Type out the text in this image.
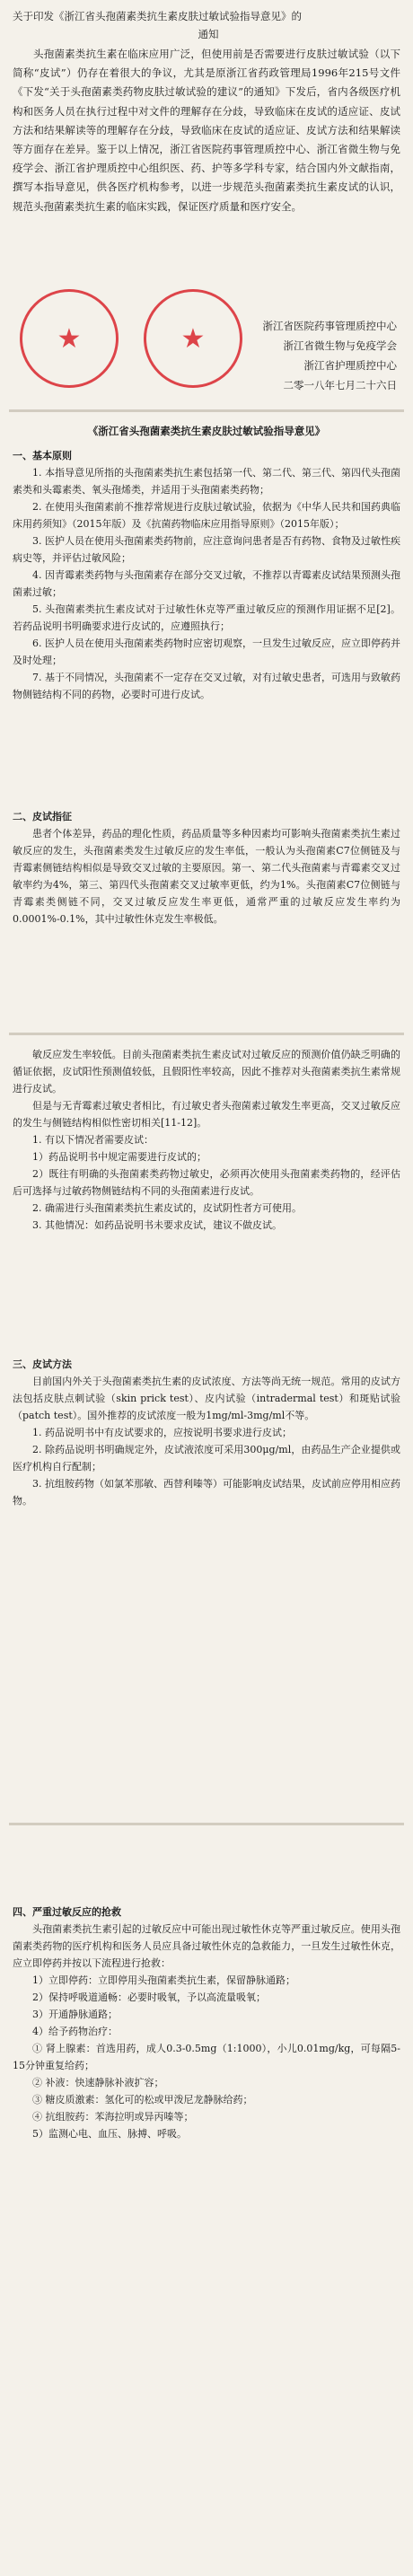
关于印发《浙江省头孢菌素类抗生素皮肤过敏试验指导意见》的
通知

头孢菌素类抗生素在临床应用广泛，但使用前是否需要进行皮肤过敏试验（以下简称“皮试”）仍存在着很大的争议，尤其是原浙江省药政管理局1996年215号文件《下发“关于头孢菌素类药物皮肤过敏试验的建议”的通知》下发后，省内各级医疗机构和医务人员在执行过程中对文件的理解存在分歧，导致临床在皮试的适应证、皮试方法和结果解读等的理解存在分歧，导致临床在皮试的适应证、皮试方法和结果解读等方面存在差异。鉴于以上情况，浙江省医院药事管理质控中心、浙江省微生物与免疫学会、浙江省护理质控中心组织医、药、护等多学科专家，结合国内外文献指南，撰写本指导意见，供各医疗机构参考，以进一步规范头孢菌素类抗生素皮试的认识，规范头孢菌素类抗生素的临床实践，保证医疗质量和医疗安全。

★	★	浙江省医院药事管理质控中心
浙江省微生物与免疫学会
浙江省护理质控中心
二零一八年七月二十六日
《浙江省头孢菌素类抗生素皮肤过敏试验指导意见》

一、基本原则

1. 本指导意见所指的头孢菌素类抗生素包括第一代、第二代、第三代、第四代头孢菌素类和头霉素类、氧头孢烯类，并适用于头孢菌素类药物；

2. 在使用头孢菌素前不推荐常规进行皮肤过敏试验，依据为《中华人民共和国药典临床用药须知》（2015年版）及《抗菌药物临床应用指导原则》（2015年版）；

3. 医护人员在使用头孢菌素类药物前，应注意询问患者是否有药物、食物及过敏性疾病史等，并评估过敏风险；

4. 因青霉素类药物与头孢菌素存在部分交叉过敏，不推荐以青霉素皮试结果预测头孢菌素过敏；

5. 头孢菌素类抗生素皮试对于过敏性休克等严重过敏反应的预测作用证据不足[2]。若药品说明书明确要求进行皮试的，应遵照执行；

6. 医护人员在使用头孢菌素类药物时应密切观察，一旦发生过敏反应，应立即停药并及时处理；

7. 基于不同情况，头孢菌素不一定存在交叉过敏，对有过敏史患者，可选用与致敏药物侧链结构不同的药物，必要时可进行皮试。

二、皮试指征

患者个体差异，药品的理化性质，药品质量等多种因素均可影响头孢菌素类抗生素过敏反应的发生，头孢菌素类发生过敏反应的发生率低，一般认为头孢菌素C7位侧链及与青霉素侧链结构相似是导致交叉过敏的主要原因。第一、第二代头孢菌素与青霉素交叉过敏率约为4%，第三、第四代头孢菌素交叉过敏率更低，约为1%。头孢菌素C7位侧链与青霉素类侧链不同，交叉过敏反应发生率更低，通常严重的过敏反应发生率约为0.0001%-0.1%，其中过敏性休克发生率极低。

敏反应发生率较低。目前头孢菌素类抗生素皮试对过敏反应的预测价值仍缺乏明确的循证依据，皮试阳性预测值较低，且假阳性率较高，因此不推荐对头孢菌素类抗生素常规进行皮试。

但是与无青霉素过敏史者相比，有过敏史者头孢菌素过敏发生率更高，交叉过敏反应的发生与侧链结构相似性密切相关[11-12]。

1. 有以下情况者需要皮试：

1）药品说明书中规定需要进行皮试的；

2）既往有明确的头孢菌素类药物过敏史，必须再次使用头孢菌素类药物的，经评估后可选择与过敏药物侧链结构不同的头孢菌素进行皮试。

2. 确需进行头孢菌素类抗生素皮试的，皮试阴性者方可使用。

3. 其他情况：如药品说明书未要求皮试，建议不做皮试。

三、皮试方法

目前国内外关于头孢菌素类抗生素的皮试浓度、方法等尚无统一规范。常用的皮试方法包括皮肤点刺试验（skin prick test）、皮内试验（intradermal test）和斑贴试验（patch test）。国外推荐的皮试浓度一般为1mg/ml-3mg/ml不等。

1. 药品说明书中有皮试要求的，应按说明书要求进行皮试；

2. 除药品说明书明确规定外，皮试液浓度可采用300μg/ml，由药品生产企业提供或医疗机构自行配制；

3. 抗组胺药物（如氯苯那敏、西替利嗪等）可能影响皮试结果，皮试前应停用相应药物。

四、严重过敏反应的抢救

头孢菌素类抗生素引起的过敏反应中可能出现过敏性休克等严重过敏反应。使用头孢菌素类药物的医疗机构和医务人员应具备过敏性休克的急救能力，一旦发生过敏性休克，应立即停药并按以下流程进行抢救：

1）立即停药：立即停用头孢菌素类抗生素，保留静脉通路；

2）保持呼吸道通畅：必要时吸氧，予以高流量吸氧；

3）开通静脉通路；

4）给予药物治疗：

① 肾上腺素：首选用药，成人0.3-0.5mg（1:1000），小儿0.01mg/kg，可每隔5-15分钟重复给药；

② 补液：快速静脉补液扩容；

③ 糖皮质激素：氢化可的松或甲泼尼龙静脉给药；

④ 抗组胺药：苯海拉明或异丙嗪等；

5）监测心电、血压、脉搏、呼吸。
